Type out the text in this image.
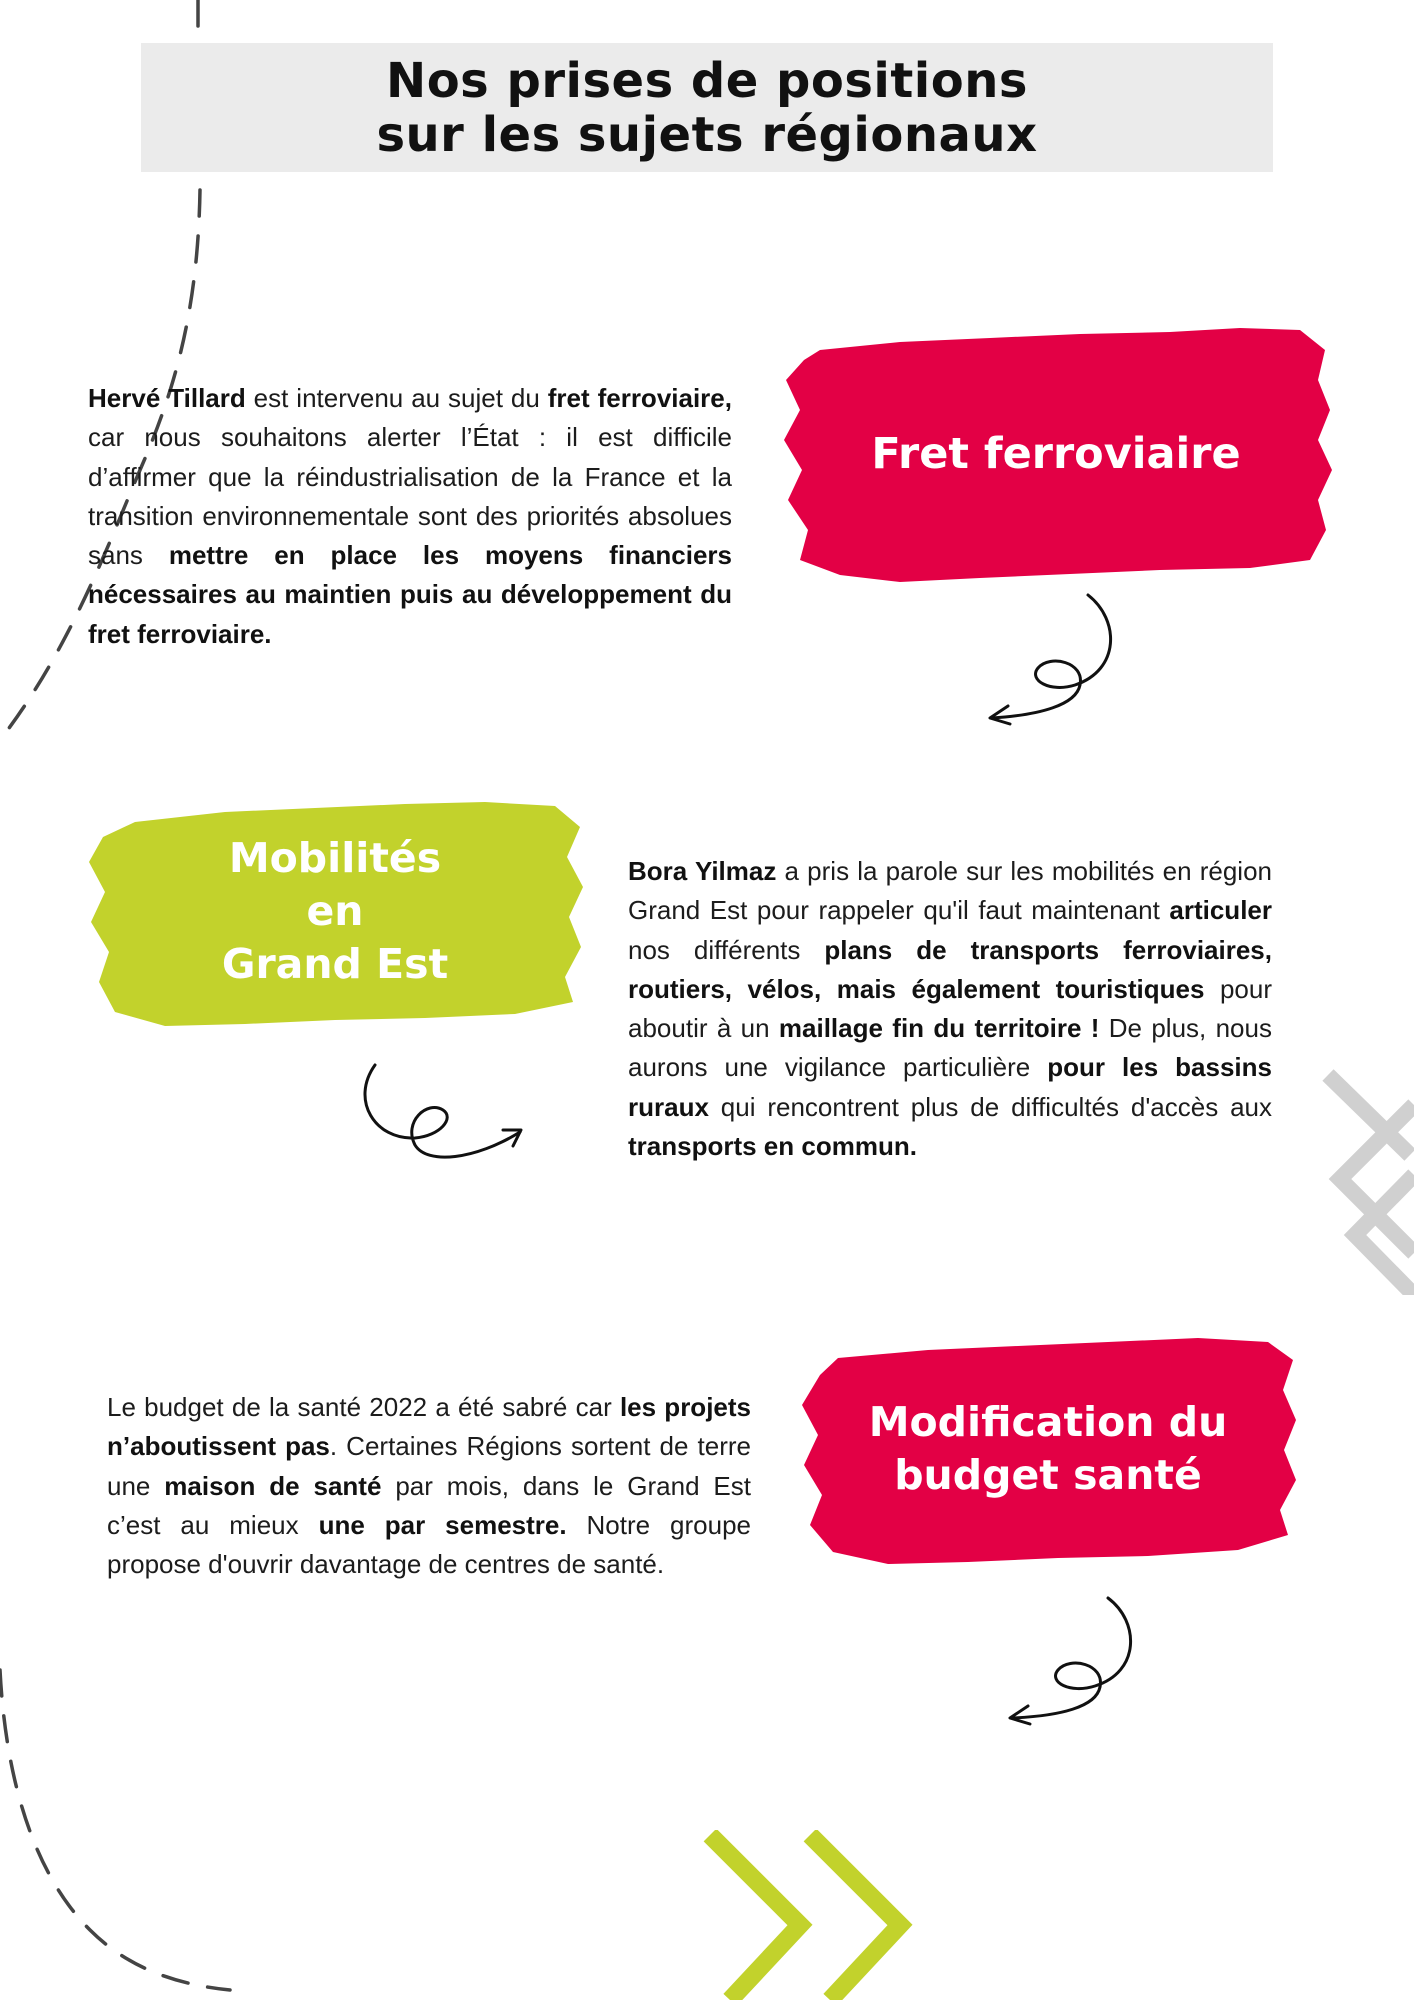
Nos prises de positions
sur les sujets régionaux

Hervé Tillard est intervenu au sujet du fret ferroviaire, car nous souhaitons alerter l’État : il est difficile d’affirmer que la réindustrialisation de la France et la transition environnementale sont des priorités absolues sans mettre en place les moyens financiers nécessaires au maintien puis au développement du fret ferroviaire.

Fret ferroviaire
Mobilités
en
Grand Est

Bora Yilmaz a pris la parole sur les mobilités en région Grand Est pour rappeler qu'il faut maintenant articuler nos différents plans de transports ferroviaires, routiers, vélos, mais également touristiques pour aboutir à un maillage fin du territoire ! De plus, nous aurons une vigilance particulière pour les bassins ruraux qui rencontrent plus de difficultés d'accès aux transports en commun.

Le budget de la santé 2022 a été sabré car les projets n’aboutissent pas. Certaines Régions sortent de terre une maison de santé par mois, dans le Grand Est c’est au mieux une par semestre. Notre groupe propose d'ouvrir davantage de centres de santé.

Modification du
budget santé
